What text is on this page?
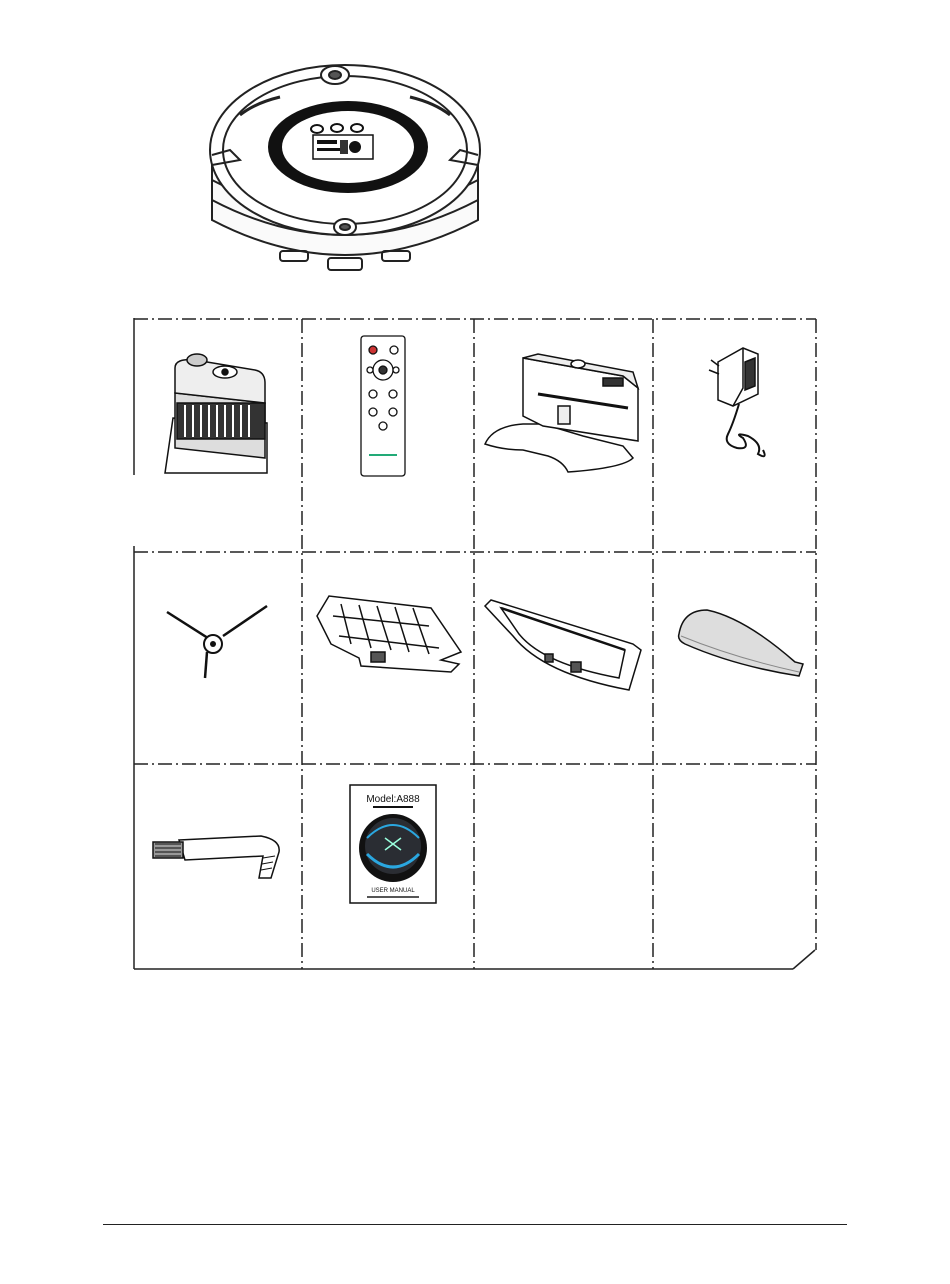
Model:A888
USER MANUAL
